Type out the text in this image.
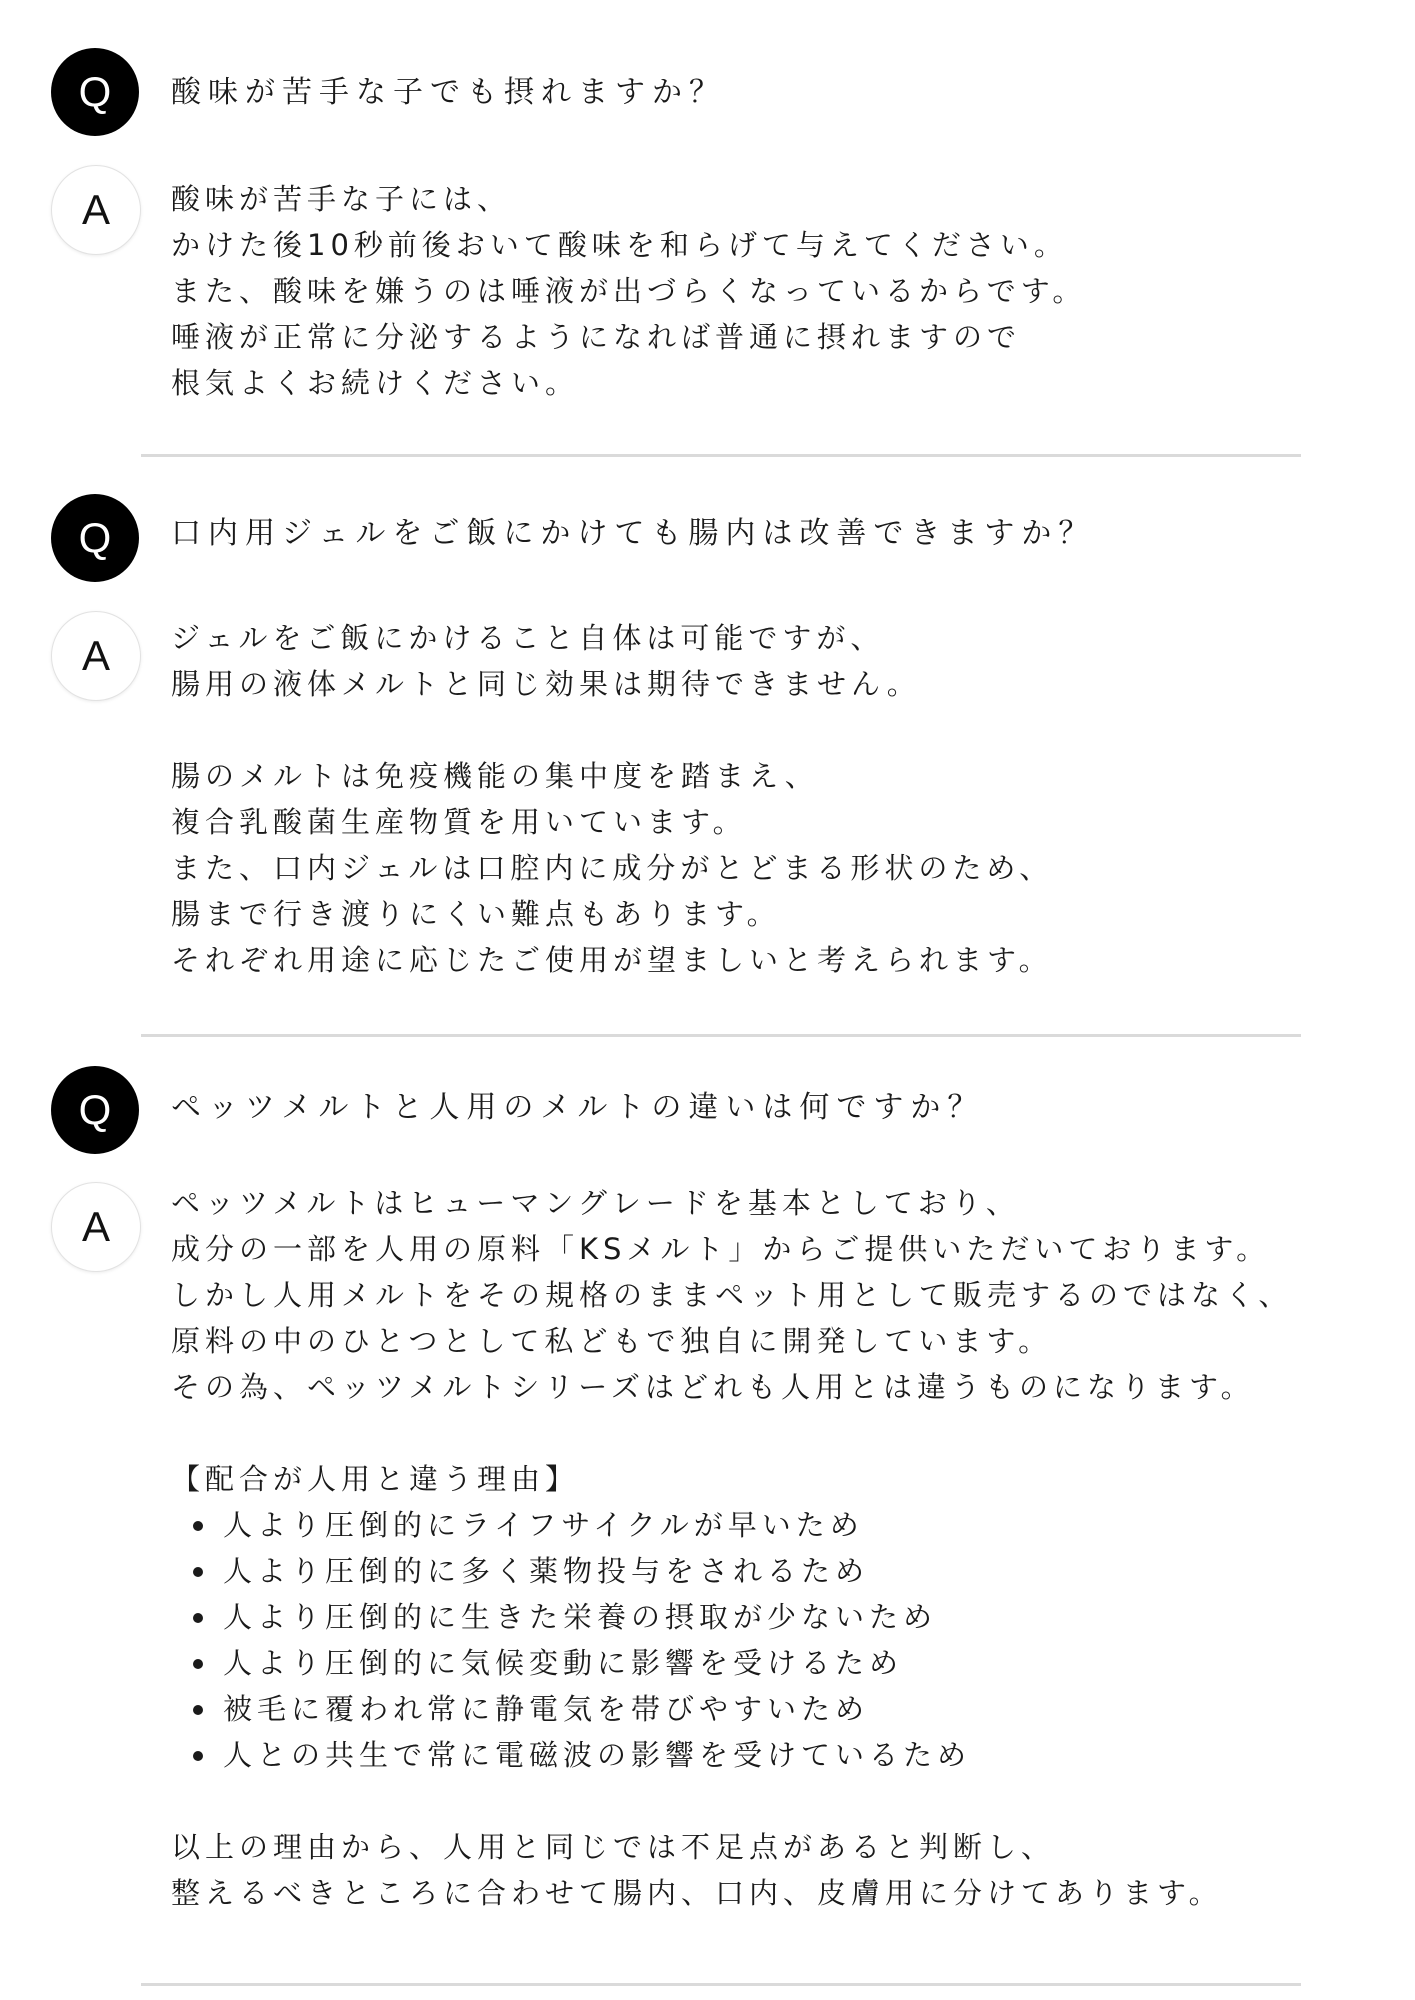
Q	酸味が苦手な子でも摂れますか？
A	酸味が苦手な子には、

かけた後10秒前後おいて酸味を和らげて与えてください。

また、酸味を嫌うのは唾液が出づらくなっているからです。

唾液が正常に分泌するようになれば普通に摂れますので

根気よくお続けください。

Q	口内用ジェルをご飯にかけても腸内は改善できますか？
A	ジェルをご飯にかけること自体は可能ですが、

腸用の液体メルトと同じ効果は期待できません。

腸のメルトは免疫機能の集中度を踏まえ、

複合乳酸菌生産物質を用いています。

また、口内ジェルは口腔内に成分がとどまる形状のため、

腸まで行き渡りにくい難点もあります。

それぞれ用途に応じたご使用が望ましいと考えられます。

Q	ペッツメルトと人用のメルトの違いは何ですか？
A	ペッツメルトはヒューマングレードを基本としており、

成分の一部を人用の原料「KSメルト」からご提供いただいております。

しかし人用メルトをその規格のままペット用として販売するのではなく、

原料の中のひとつとして私どもで独自に開発しています。

その為、ペッツメルトシリーズはどれも人用とは違うものになります。

【配合が人用と違う理由】

人より圧倒的にライフサイクルが早いため
人より圧倒的に多く薬物投与をされるため
人より圧倒的に生きた栄養の摂取が少ないため
人より圧倒的に気候変動に影響を受けるため
被毛に覆われ常に静電気を帯びやすいため
人との共生で常に電磁波の影響を受けているため

以上の理由から、人用と同じでは不足点があると判断し、

整えるべきところに合わせて腸内、口内、皮膚用に分けてあります。
